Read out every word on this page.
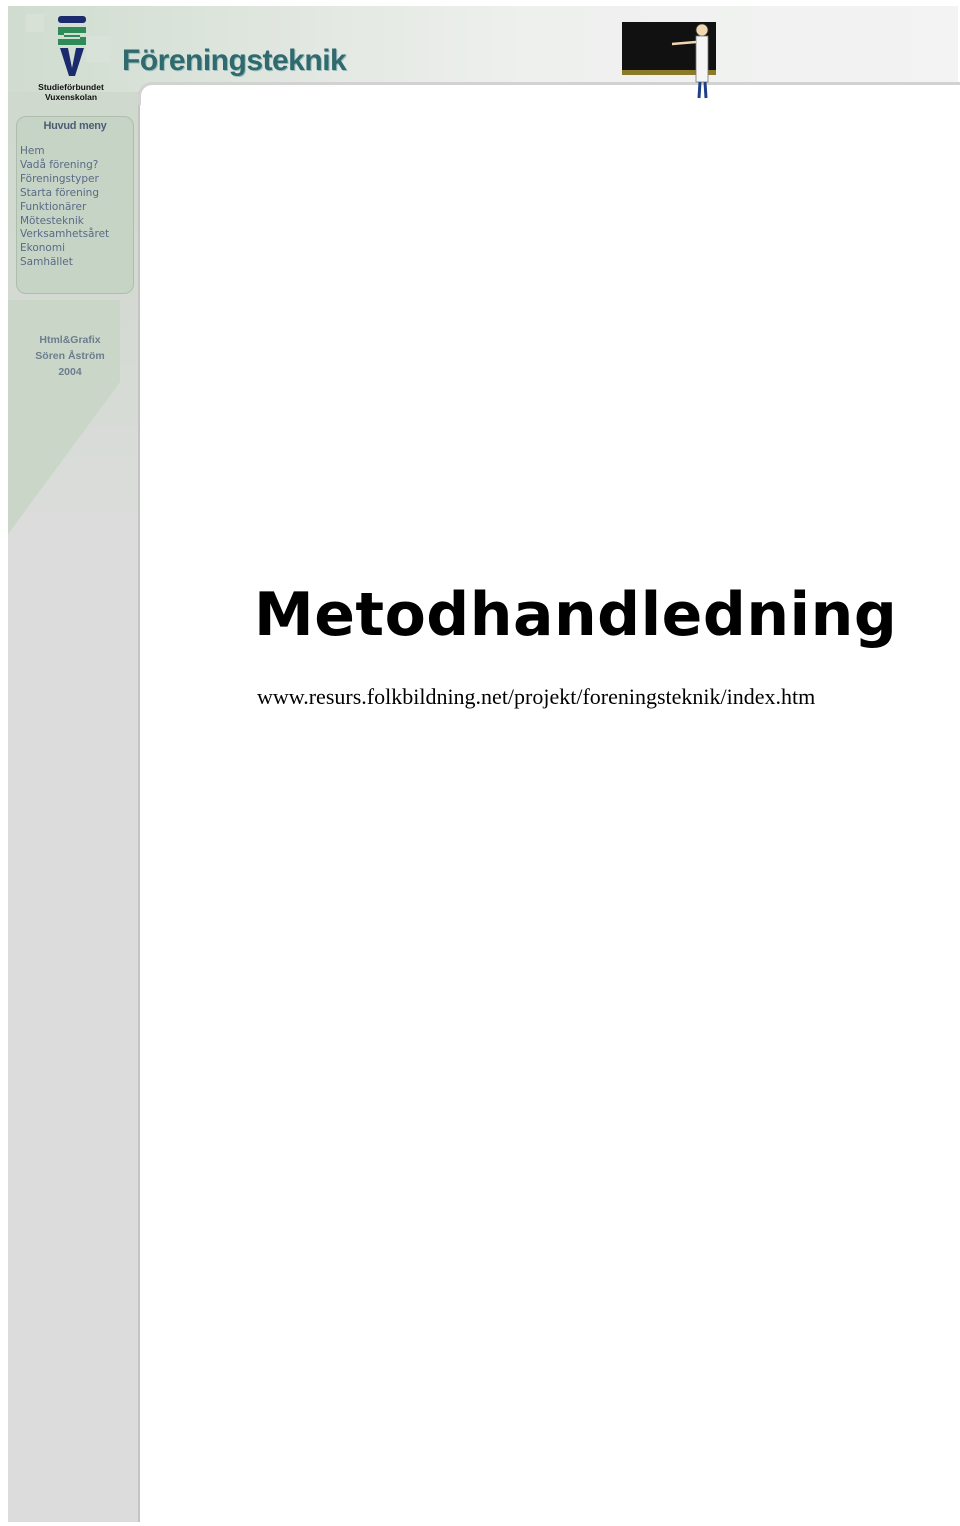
Studieförbundet
Vuxenskolan
Föreningsteknik
Huvud meny
Hem
Vadå förening?
Föreningstyper
Starta förening
Funktionärer
Mötesteknik
Verksamhetsåret
Ekonomi
Samhället
Html&Grafix
Sören Åström
2004
Metodhandledning
www.resurs.folkbildning.net/projekt/foreningsteknik/index.htm
